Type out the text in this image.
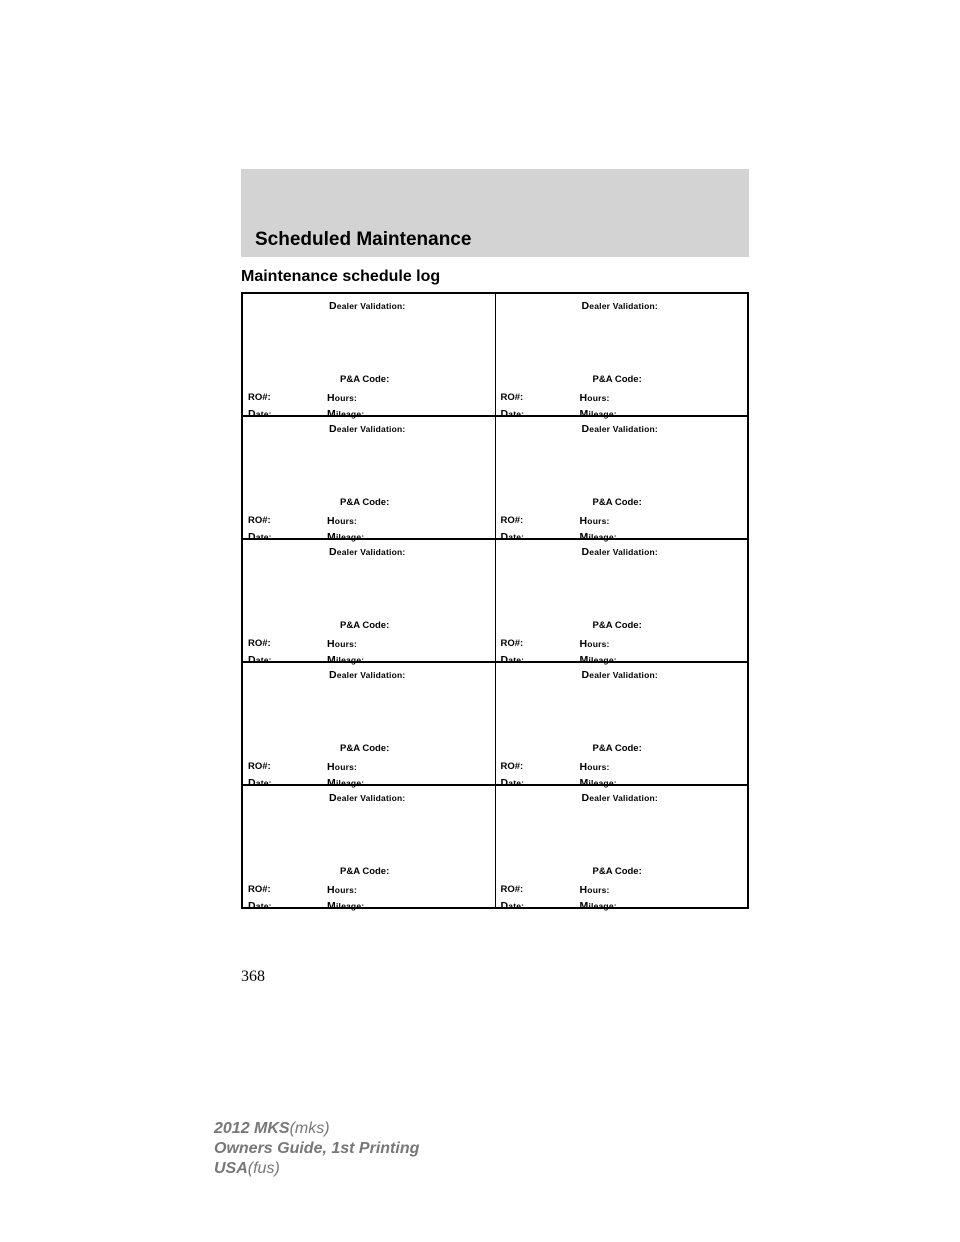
Scheduled Maintenance
Maintenance schedule log
Dealer Validation:
P&A Code:
RO#:	Hours:
Date:	Mileage:
Dealer Validation:
P&A Code:
RO#:	Hours:
Date:	Mileage:
Dealer Validation:
P&A Code:
RO#:	Hours:
Date:	Mileage:
Dealer Validation:
P&A Code:
RO#:	Hours:
Date:	Mileage:
Dealer Validation:
P&A Code:
RO#:	Hours:
Date:	Mileage:
Dealer Validation:
P&A Code:
RO#:	Hours:
Date:	Mileage:
Dealer Validation:
P&A Code:
RO#:	Hours:
Date:	Mileage:
Dealer Validation:
P&A Code:
RO#:	Hours:
Date:	Mileage:
Dealer Validation:
P&A Code:
RO#:	Hours:
Date:	Mileage:
Dealer Validation:
P&A Code:
RO#:	Hours:
Date:	Mileage:
368
2012 MKS(mks)
Owners Guide, 1st Printing
USA(fus)
